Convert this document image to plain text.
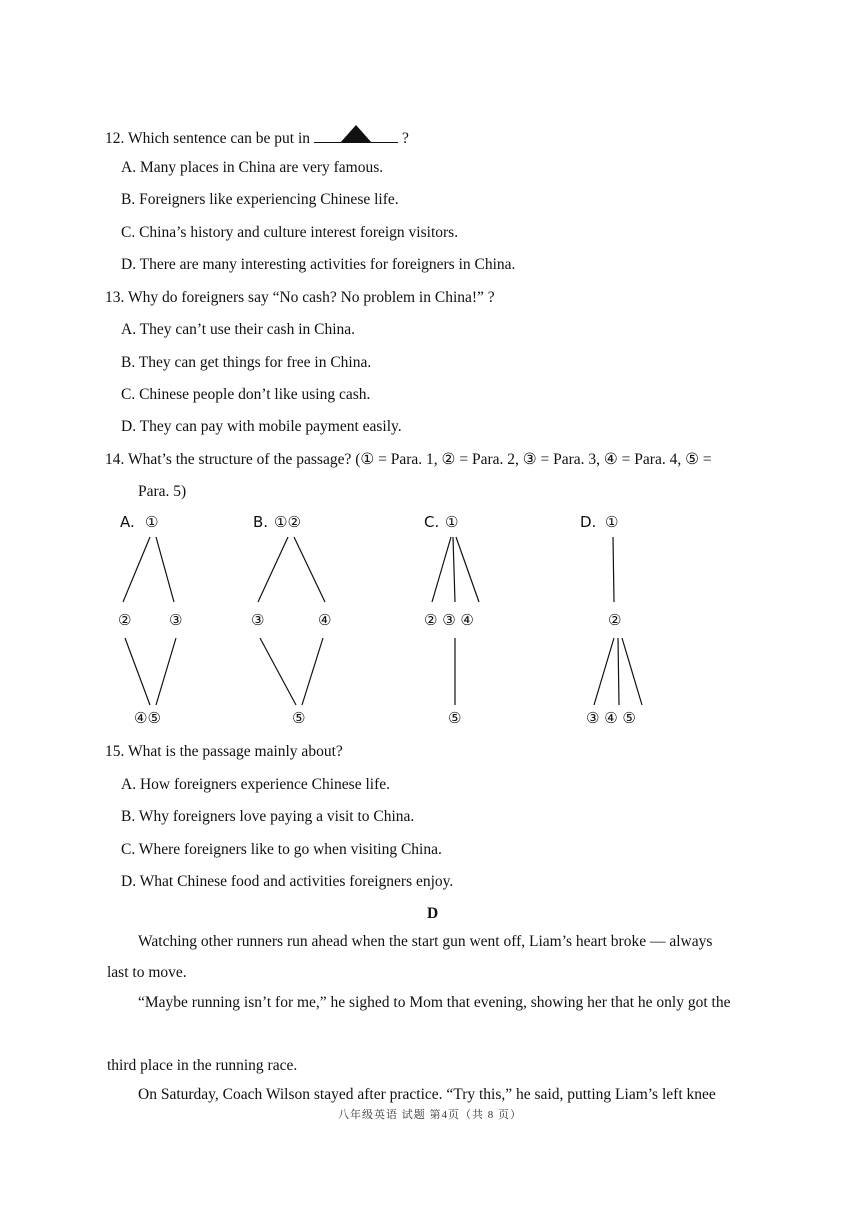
12. Which sentence can be put in	?
A. Many places in China are very famous.
B. Foreigners like experiencing Chinese life.
C. China’s history and culture interest foreign visitors.
D. There are many interesting activities for foreigners in China.
13. Why do foreigners say “No cash? No problem in China!” ?
A. They can’t use their cash in China.
B. They can get things for free in China.
C. Chinese people don’t like using cash.
D. They can pay with mobile payment easily.
14. What’s the structure of the passage? (① = Para. 1, ② = Para. 2, ③ = Para. 3, ④ = Para. 4, ⑤ =
Para. 5)
A. ①
②	③
④⑤
B. ①②
③	④
⑤
C. ①
② ③ ④
⑤
D. ①
②
③ ④ ⑤
15. What is the passage mainly about?
A. How foreigners experience Chinese life.
B. Why foreigners love paying a visit to China.
C. Where foreigners like to go when visiting China.
D. What Chinese food and activities foreigners enjoy.
D
Watching other runners run ahead when the start gun went off, Liam’s heart broke — always
last to move.
“Maybe running isn’t for me,” he sighed to Mom that evening, showing her that he only got the
third place in the running race.
On Saturday, Coach Wilson stayed after practice. “Try this,” he said, putting Liam’s left knee
八年级英语 试题 第4页（共 8 页）
